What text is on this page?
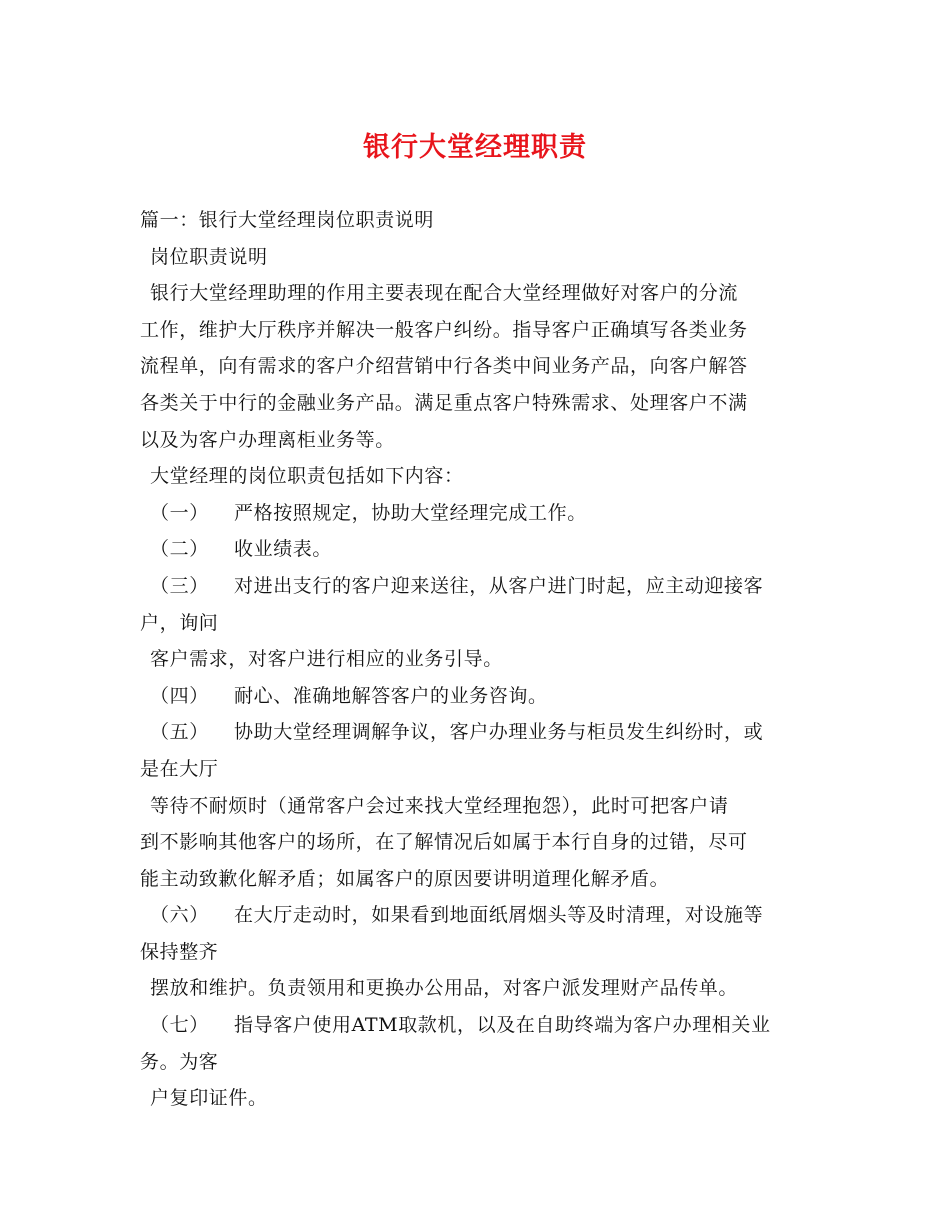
银行大堂经理职责
篇一：银行大堂经理岗位职责说明
岗位职责说明
银行大堂经理助理的作用主要表现在配合大堂经理做好对客户的分流
工作，维护大厅秩序并解决一般客户纠纷。指导客户正确填写各类业务
流程单，向有需求的客户介绍营销中行各类中间业务产品，向客户解答
各类关于中行的金融业务产品。满足重点客户特殊需求、处理客户不满
以及为客户办理离柜业务等。
大堂经理的岗位职责包括如下内容：
（一） 严格按照规定，协助大堂经理完成工作。
（二） 收业绩表。
（三） 对进出支行的客户迎来送往，从客户进门时起，应主动迎接客
户，询问
客户需求，对客户进行相应的业务引导。
（四） 耐心、准确地解答客户的业务咨询。
（五） 协助大堂经理调解争议，客户办理业务与柜员发生纠纷时，或
是在大厅
等待不耐烦时（通常客户会过来找大堂经理抱怨），此时可把客户请
到不影响其他客户的场所，在了解情况后如属于本行自身的过错，尽可
能主动致歉化解矛盾；如属客户的原因要讲明道理化解矛盾。
（六） 在大厅走动时，如果看到地面纸屑烟头等及时清理，对设施等
保持整齐
摆放和维护。负责领用和更换办公用品，对客户派发理财产品传单。
（七） 指导客户使用ATM取款机，以及在自助终端为客户办理相关业
务。为客
户复印证件。
